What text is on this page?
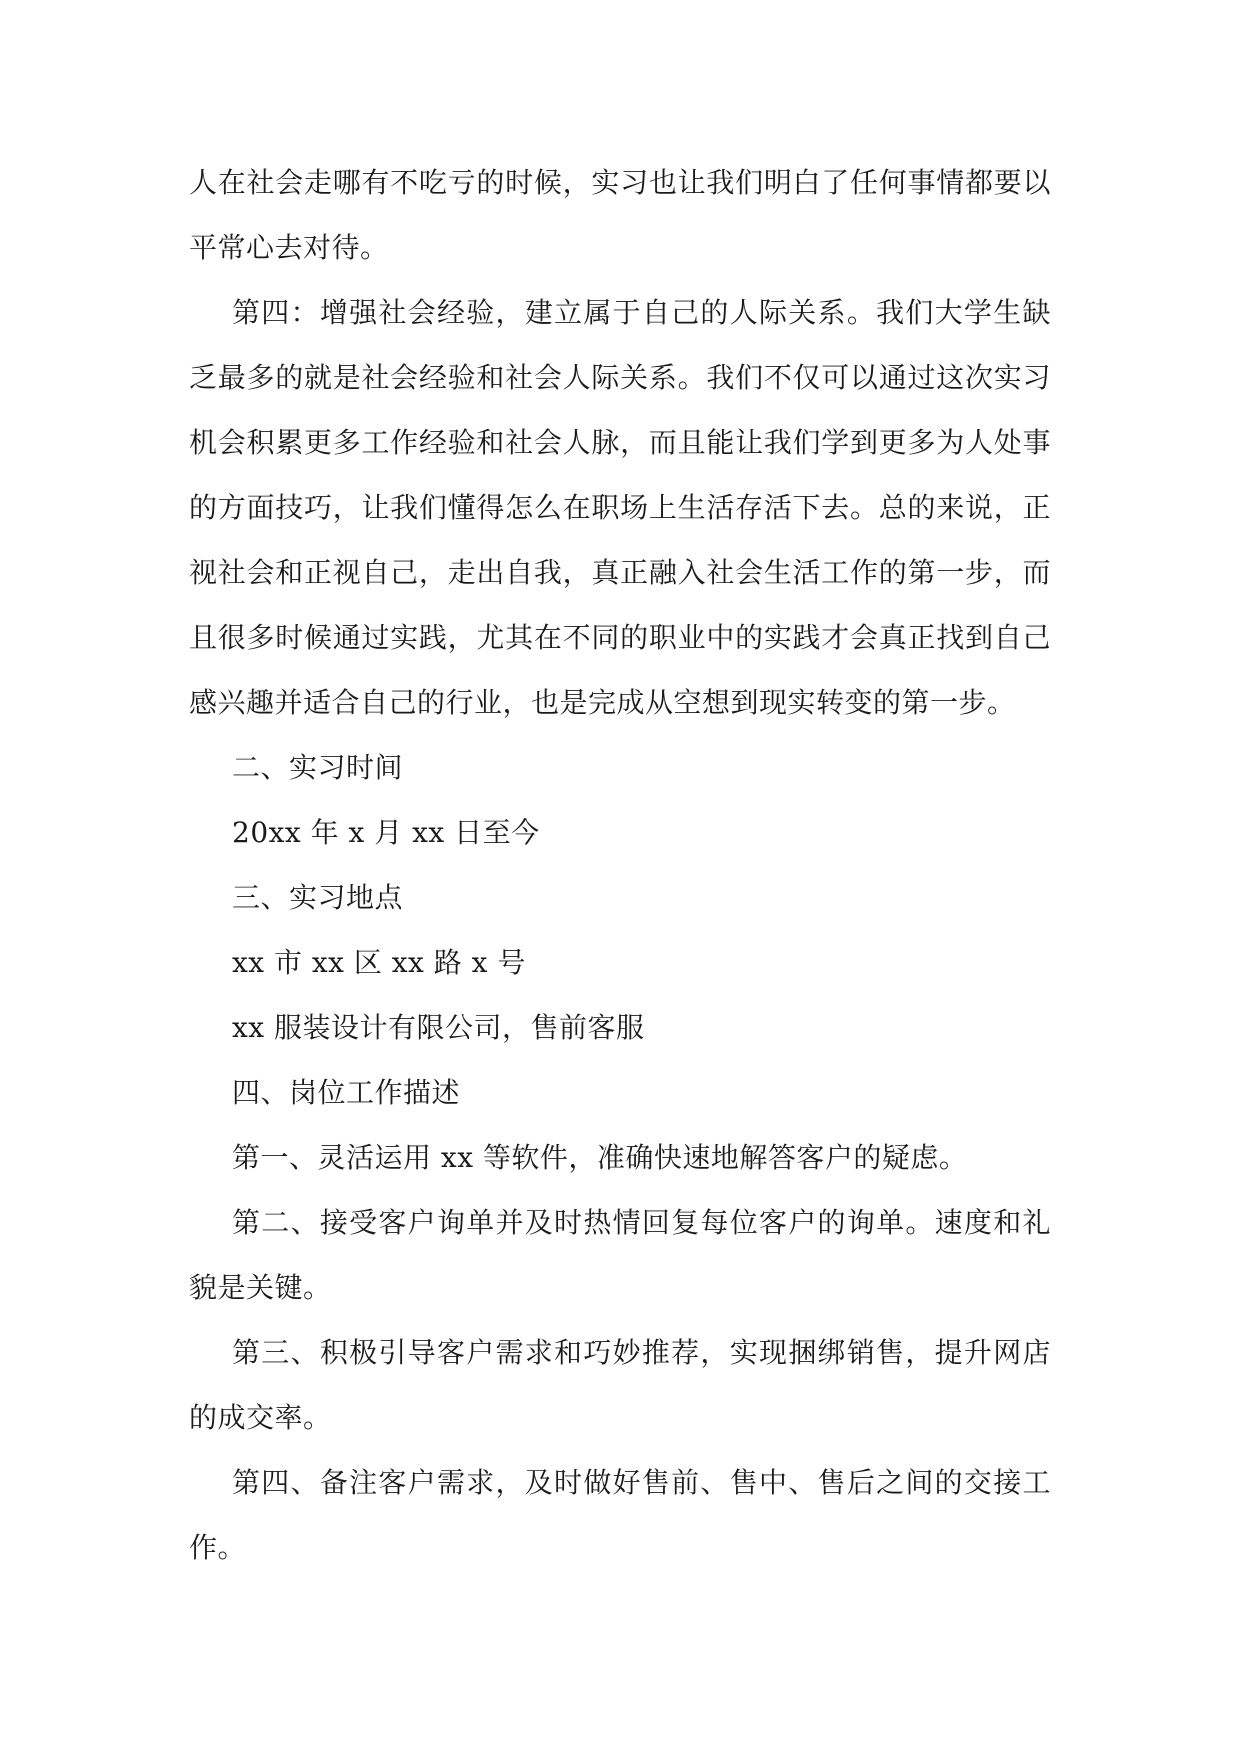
人在社会走哪有不吃亏的时候，实习也让我们明白了任何事情都要以平常心去对待。

第四：增强社会经验，建立属于自己的人际关系。我们大学生缺乏最多的就是社会经验和社会人际关系。我们不仅可以通过这次实习机会积累更多工作经验和社会人脉，而且能让我们学到更多为人处事的方面技巧，让我们懂得怎么在职场上生活存活下去。总的来说，正视社会和正视自己，走出自我，真正融入社会生活工作的第一步，而且很多时候通过实践，尤其在不同的职业中的实践才会真正找到自己感兴趣并适合自己的行业，也是完成从空想到现实转变的第一步。

二、实习时间

20xx 年 x 月 xx 日至今

三、实习地点

xx 市 xx 区 xx 路 x 号

xx 服装设计有限公司，售前客服

四、岗位工作描述

第一、灵活运用 xx 等软件，准确快速地解答客户的疑虑。

第二、接受客户询单并及时热情回复每位客户的询单。速度和礼貌是关键。

第三、积极引导客户需求和巧妙推荐，实现捆绑销售，提升网店的成交率。

第四、备注客户需求，及时做好售前、售中、售后之间的交接工作。
